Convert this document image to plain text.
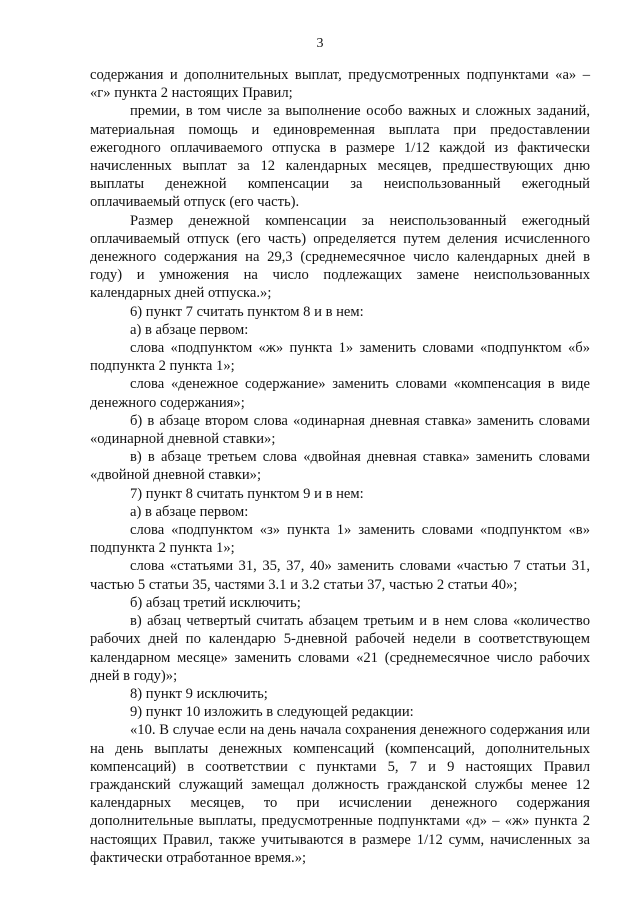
3

содержания и дополнительных выплат, предусмотренных подпунктами «а» – «г» пункта 2 настоящих Правил;

премии, в том числе за выполнение особо важных и сложных заданий, материальная помощь и единовременная выплата при предоставлении ежегодного оплачиваемого отпуска в размере 1/12 каждой из фактически начисленных выплат за 12 календарных месяцев, предшествующих дню выплаты денежной компенсации за неиспользованный ежегодный оплачиваемый отпуск (его часть).

Размер денежной компенсации за неиспользованный ежегодный оплачиваемый отпуск (его часть) определяется путем деления исчисленного денежного содержания на 29,3 (среднемесячное число календарных дней в году) и умножения на число подлежащих замене неиспользованных календарных дней отпуска.»;

6) пункт 7 считать пунктом 8 и в нем:

а) в абзаце первом:

слова «подпунктом «ж» пункта 1» заменить словами «подпунктом «б» подпункта 2 пункта 1»;

слова «денежное содержание» заменить словами «компенсация в виде денежного содержания»;

б) в абзаце втором слова «одинарная дневная ставка» заменить словами «одинарной дневной ставки»;

в) в абзаце третьем слова «двойная дневная ставка» заменить словами «двойной дневной ставки»;

7) пункт 8 считать пунктом 9 и в нем:

а) в абзаце первом:

слова «подпунктом «з» пункта 1» заменить словами «подпунктом «в» подпункта 2 пункта 1»;

слова «статьями 31, 35, 37, 40» заменить словами «частью 7 статьи 31, частью 5 статьи 35, частями 3.1 и 3.2 статьи 37, частью 2 статьи 40»;

б) абзац третий исключить;

в) абзац четвертый считать абзацем третьим и в нем слова «количество рабочих дней по календарю 5-дневной рабочей недели в соответствующем календарном месяце» заменить словами «21 (среднемесячное число рабочих дней в году)»;

8) пункт 9 исключить;

9) пункт 10 изложить в следующей редакции:

«10. В случае если на день начала сохранения денежного содержания или на день выплаты денежных компенсаций (компенсаций, дополнительных компенсаций) в соответствии с пунктами 5, 7 и 9 настоящих Правил гражданский служащий замещал должность гражданской службы менее 12 календарных месяцев, то при исчислении денежного содержания дополнительные выплаты, предусмотренные подпунктами «д» – «ж» пункта 2 настоящих Правил, также учитываются в размере 1/12 сумм, начисленных за фактически отработанное время.»;
